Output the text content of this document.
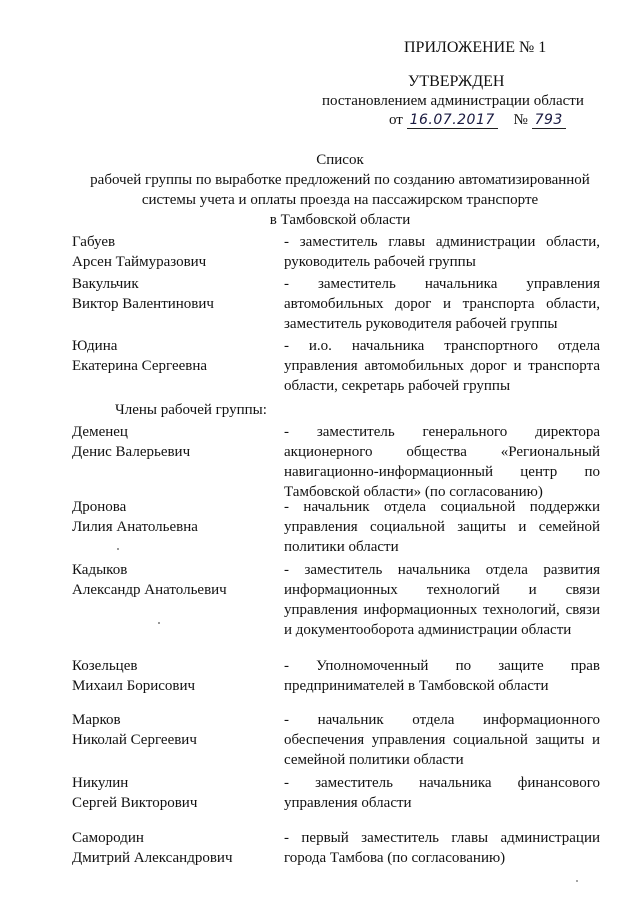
ПРИЛОЖЕНИЕ № 1
УТВЕРЖДЕН
постановлением администрации области
от 16.07.2017 № 793
Список
рабочей группы по выработке предложений по созданию автоматизированной
системы учета и оплаты проезда на пассажирском транспорте
в Тамбовской области
Габуев
Арсен Таймуразович
- заместитель главы администрации области, руководитель рабочей группы
Вакульчик
Виктор Валентинович
- заместитель начальника управления автомобильных дорог и транспорта области, заместитель руководителя рабочей группы
Юдина
Екатерина Сергеевна
- и.о. начальника транспортного отдела управления автомобильных дорог и транспорта области, секретарь рабочей группы
Члены рабочей группы:
Деменец
Денис Валерьевич
- заместитель генерального директора акционерного общества «Региональный навигационно-информационный центр по Тамбовской области» (по согласованию)
Дронова
Лилия Анатольевна
- начальник отдела социальной поддержки управления социальной защиты и семейной политики области
Кадыков
Александр Анатольевич
- заместитель начальника отдела развития информационных технологий и связи управления информационных технологий, связи и документооборота администрации области
Козельцев
Михаил Борисович
- Уполномоченный по защите прав предпринимателей в Тамбовской области
Марков
Николай Сергеевич
- начальник отдела информационного обеспечения управления социальной защиты и семейной политики области
Никулин
Сергей Викторович
- заместитель начальника финансового управления области
Самородин
Дмитрий Александрович
- первый заместитель главы администрации города Тамбова (по согласованию)
